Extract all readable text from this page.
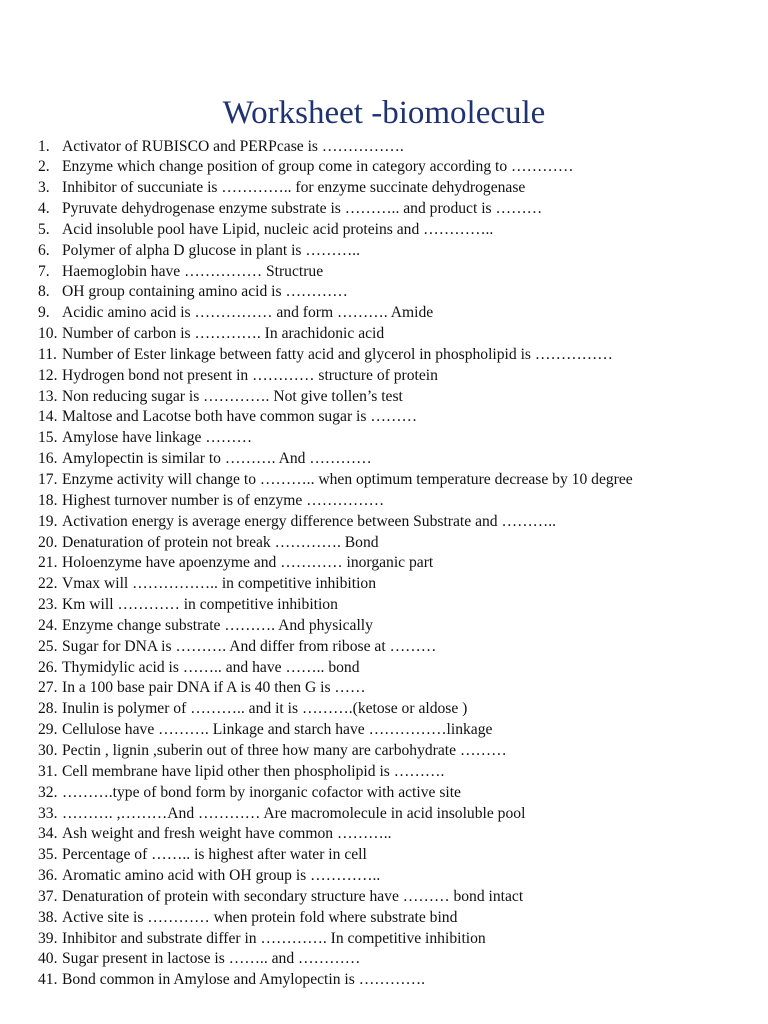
Worksheet -biomolecule
1. Activator of RUBISCO and PERPcase is …………….
2. Enzyme which change position of group come in category according to …………
3. Inhibitor of succuniate is ………….. for enzyme succinate dehydrogenase
4. Pyruvate dehydrogenase enzyme substrate is ……….. and product is ………
5. Acid insoluble pool have Lipid, nucleic acid proteins and …………..
6. Polymer of alpha D glucose in plant is ………..
7. Haemoglobin have …………… Structrue
8. OH group containing amino acid is …………
9. Acidic amino acid is …………… and form ………. Amide
10. Number of carbon is …………. In arachidonic acid
11. Number of Ester linkage between fatty acid and glycerol in phospholipid is ……………
12. Hydrogen bond not present in ………… structure of protein
13. Non reducing sugar is …………. Not give tollen’s test
14. Maltose and Lacotse both have common sugar is ………
15. Amylose have linkage ………
16. Amylopectin is similar to ………. And …………
17. Enzyme activity will change to ……….. when optimum temperature decrease by 10 degree
18. Highest turnover number is of enzyme ……………
19. Activation energy is average energy difference between Substrate and ………..
20. Denaturation of protein not break …………. Bond
21. Holoenzyme have apoenzyme and ………… inorganic part
22. Vmax will …………….. in competitive inhibition
23. Km will ………… in competitive inhibition
24. Enzyme change substrate ………. And physically
25. Sugar for DNA is ………. And differ from ribose at ………
26. Thymidylic acid is …….. and have …….. bond
27. In a 100 base pair DNA if A is 40 then G is ……
28. Inulin is polymer of ……….. and it is ……….(ketose or aldose )
29. Cellulose have ………. Linkage and starch have ……………linkage
30. Pectin , lignin ,suberin out of three how many are carbohydrate ………
31. Cell membrane have lipid other then phospholipid is ……….
32. ……….type of bond form by inorganic cofactor with active site
33. ………. ,………And ………… Are macromolecule in acid insoluble pool
34. Ash weight and fresh weight have common ………..
35. Percentage of …….. is highest after water in cell
36. Aromatic amino acid with OH group is …………..
37. Denaturation of protein with secondary structure have ……… bond intact
38. Active site is ………… when protein fold where substrate bind
39. Inhibitor and substrate differ in …………. In competitive inhibition
40. Sugar present in lactose is …….. and …………
41. Bond common in Amylose and Amylopectin is ………….
